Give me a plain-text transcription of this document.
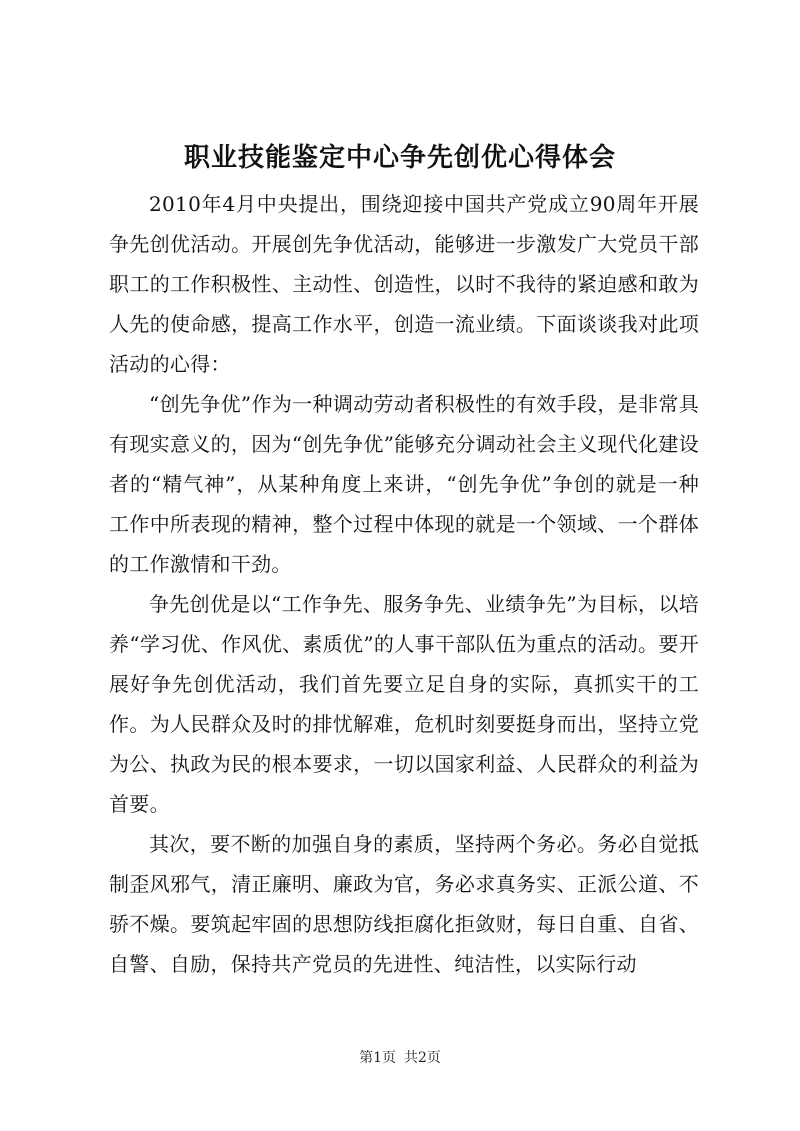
职业技能鉴定中心争先创优心得体会

2010年4月中央提出，围绕迎接中国共产党成立90周年开展争先创优活动。开展创先争优活动，能够进一步激发广大党员干部职工的工作积极性、主动性、创造性，以时不我待的紧迫感和敢为人先的使命感，提高工作水平，创造一流业绩。下面谈谈我对此项活动的心得：

“创先争优”作为一种调动劳动者积极性的有效手段，是非常具有现实意义的，因为“创先争优”能够充分调动社会主义现代化建设者的“精气神”，从某种角度上来讲，“创先争优”争创的就是一种工作中所表现的精神，整个过程中体现的就是一个领域、一个群体的工作激情和干劲。

争先创优是以“工作争先、服务争先、业绩争先”为目标，以培养“学习优、作风优、素质优”的人事干部队伍为重点的活动。要开展好争先创优活动，我们首先要立足自身的实际，真抓实干的工作。为人民群众及时的排忧解难，危机时刻要挺身而出，坚持立党为公、执政为民的根本要求，一切以国家利益、人民群众的利益为首要。

其次，要不断的加强自身的素质，坚持两个务必。务必自觉抵制歪风邪气，清正廉明、廉政为官，务必求真务实、正派公道、不骄不燥。要筑起牢固的思想防线拒腐化拒敛财，每日自重、自省、自警、自励，保持共产党员的先进性、纯洁性，以实际行动

第1页 共2页
